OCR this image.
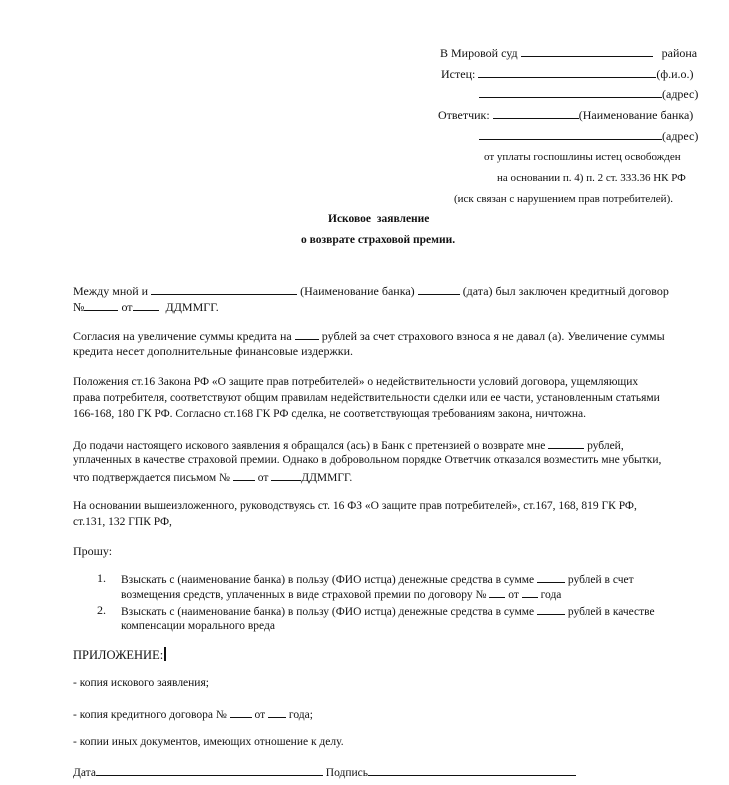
В Мировой суд	района
Истец:	(ф.и.о.)
(адрес)
Ответчик:	(Наименование банка)
(адрес)
от уплаты госпошлины истец освобожден
на основании п. 4) п. 2 ст. 333.36 НК РФ
(иск связан с нарушением прав потребителей).
Исковое заявление
о возврате страховой премии.
Между мной и	(Наименование банка)	(дата) был заключен кредитный договор
№	от	ДДММГГ.
Согласия на увеличение суммы кредита на	рублей за счет страхового взноса я не давал (а). Увеличение суммы
кредита несет дополнительные финансовые издержки.
Положения ст.16 Закона РФ «О защите прав потребителей» о недействительности условий договора, ущемляющих
права потребителя, соответствуют общим правилам недействительности сделки или ее части, установленным статьями
166-168, 180 ГК РФ. Согласно ст.168 ГК РФ сделка, не соответствующая требованиям закона, ничтожна.
До подачи настоящего искового заявления я обращался (ась) в Банк с претензией о возврате мне	рублей,
уплаченных в качестве страховой премии. Однако в добровольном порядке Ответчик отказался возместить мне убытки,
что подтверждается письмом № от	ДДММГГ.
На основании вышеизложенного, руководствуясь ст. 16 ФЗ «О защите прав потребителей», ст.167, 168, 819 ГК РФ,
ст.131, 132 ГПК РФ,
Прошу:
1. Взыскать с (наименование банка) в пользу (ФИО истца) денежные средства в сумме	рублей в счет
возмещения средств, уплаченных в виде страховой премии по договору № от года
2. Взыскать с (наименование банка) в пользу (ФИО истца) денежные средства в сумме	рублей в качестве
компенсации морального вреда
ПРИЛОЖЕНИЕ:
- копия искового заявления;
- копия кредитного договора № от года;
- копии иных документов, имеющих отношение к делу.
Дата	Подпись
